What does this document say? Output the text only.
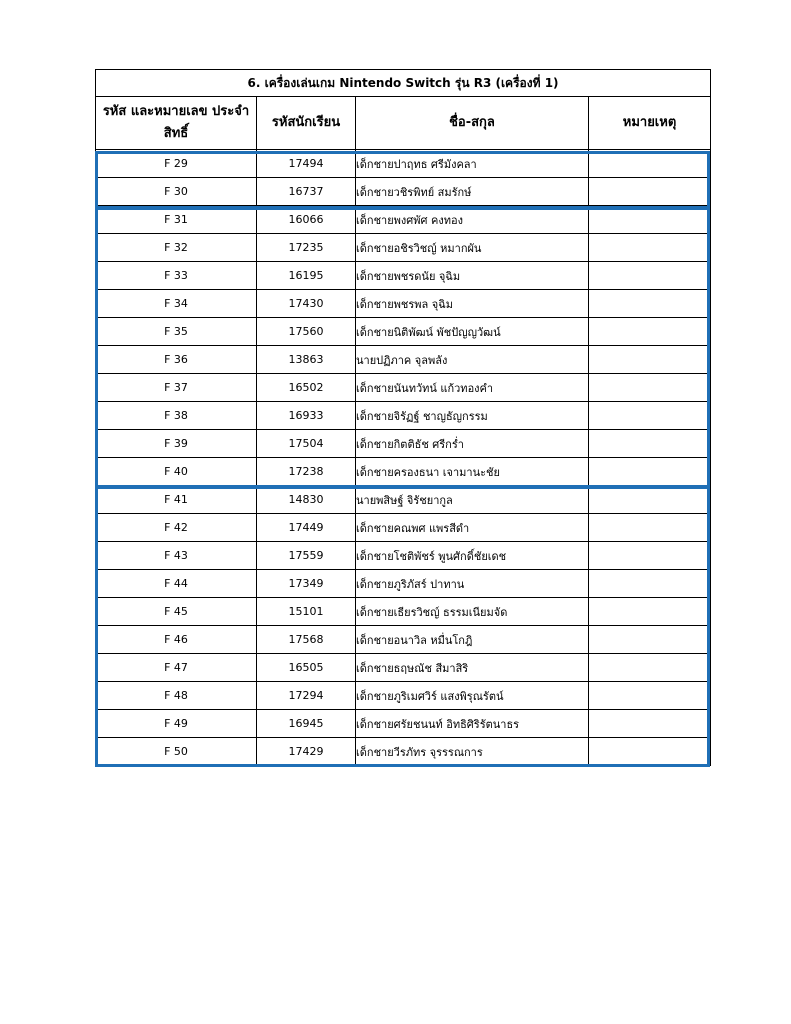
6. เครื่องเล่นเกม Nintendo Switch รุ่น R3 (เครื่องที่ 1)			
รหัส และหมายเลข ประจำสิทธิ์	รหัสนักเรียน	ชื่อ-สกุล	หมายเหตุ
F 29	17494	เด็กชายปาฤทธ ศรีมังคลา	
F 30	16737	เด็กชายวชิรพิทย์ สมรักษ์	
F 31	16066	เด็กชายพงศพัศ คงทอง	
F 32	17235	เด็กชายอชิรวิชญ์ หมากผัน	
F 33	16195	เด็กชายพชรดนัย จุฉิม	
F 34	17430	เด็กชายพชรพล จุฉิม	
F 35	17560	เด็กชายนิติพัฒน์ พัชปัญญวัฒน์	
F 36	13863	นายปฏิภาค จุลพลัง	
F 37	16502	เด็กชายนันทวัทน์ แก้วทองคำ	
F 38	16933	เด็กชายจิรัฏฐ์ ชาญธัญกรรม	
F 39	17504	เด็กชายกิตติธัช ศรีกร่ำ	
F 40	17238	เด็กชายครองธนา เจามานะชัย	
F 41	14830	นายพสิษฐ์ จิรัชยากูล	
F 42	17449	เด็กชายคณพศ แพรสีดำ	
F 43	17559	เด็กชายโชติพัชร์ พูนศักดิ์ชัยเดช	
F 44	17349	เด็กชายภูริภัสร์ ปาทาน	
F 45	15101	เด็กชายเธียรวิชญ์ ธรรมเนียมจัด	
F 46	17568	เด็กชายอนาวิล หมื่นโกฎิ	
F 47	16505	เด็กชายธฤษณัช สีมาสิริ	
F 48	17294	เด็กชายภูริเมศวิร์ แสงพิรุณรัตน์	
F 49	16945	เด็กชายศรัยชนนท์ อิทธิศิริรัตนาธร	
F 50	17429	เด็กชายวีรภัทร จุรรรณการ	
